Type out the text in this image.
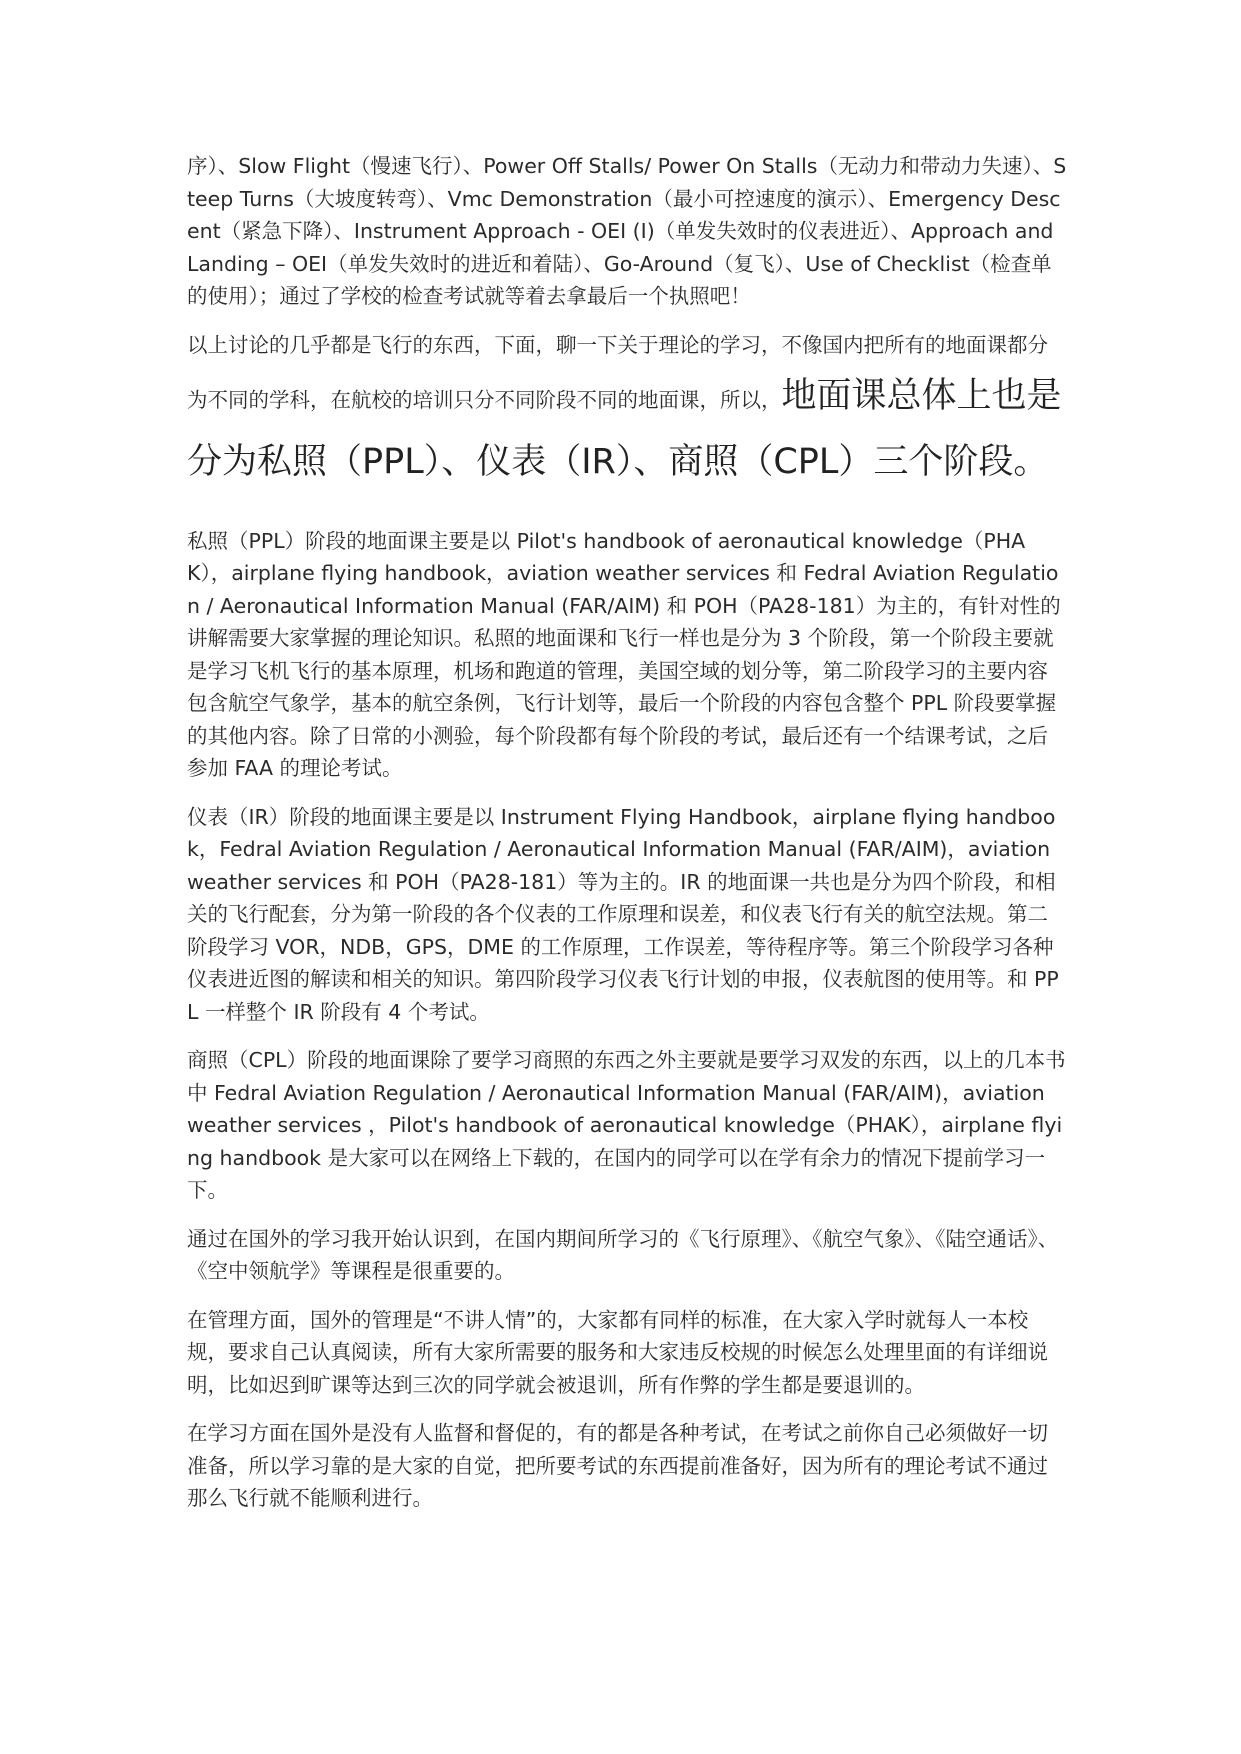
序）、Slow Flight（慢速飞行）、Power Off Stalls/ Power On Stalls（无动力和带动力失速）、Steep Turns（大坡度转弯）、Vmc Demonstration（最小可控速度的演示）、Emergency Descent（紧急下降）、Instrument Approach - OEI (I)（单发失效时的仪表进近）、Approach and Landing – OEI（单发失效时的进近和着陆）、Go-Around（复飞）、Use of Checklist（检查单的使用）；通过了学校的检查考试就等着去拿最后一个执照吧！

以上讨论的几乎都是飞行的东西，下面，聊一下关于理论的学习，不像国内把所有的地面课都分为不同的学科，在航校的培训只分不同阶段不同的地面课，所以，地面课总体上也是分为私照（PPL）、仪表（IR）、商照（CPL）三个阶段。

私照（PPL）阶段的地面课主要是以 Pilot's handbook of aeronautical knowledge（PHAK），airplane flying handbook，aviation weather services 和 Fedral Aviation Regulation / Aeronautical Information Manual (FAR/AIM) 和 POH（PA28-181）为主的，有针对性的讲解需要大家掌握的理论知识。私照的地面课和飞行一样也是分为 3 个阶段，第一个阶段主要就是学习飞机飞行的基本原理，机场和跑道的管理，美国空域的划分等，第二阶段学习的主要内容包含航空气象学，基本的航空条例，飞行计划等，最后一个阶段的内容包含整个 PPL 阶段要掌握的其他内容。除了日常的小测验，每个阶段都有每个阶段的考试，最后还有一个结课考试，之后参加 FAA 的理论考试。

仪表（IR）阶段的地面课主要是以 Instrument Flying Handbook，airplane flying handbook，Fedral Aviation Regulation / Aeronautical Information Manual (FAR/AIM)，aviation weather services 和 POH（PA28-181）等为主的。IR 的地面课一共也是分为四个阶段，和相关的飞行配套，分为第一阶段的各个仪表的工作原理和误差，和仪表飞行有关的航空法规。第二阶段学习 VOR，NDB，GPS，DME 的工作原理，工作误差，等待程序等。第三个阶段学习各种仪表进近图的解读和相关的知识。第四阶段学习仪表飞行计划的申报，仪表航图的使用等。和 PPL 一样整个 IR 阶段有 4 个考试。

商照（CPL）阶段的地面课除了要学习商照的东西之外主要就是要学习双发的东西，以上的几本书中 Fedral Aviation Regulation / Aeronautical Information Manual (FAR/AIM)，aviation weather services ，Pilot's handbook of aeronautical knowledge（PHAK），airplane flying handbook 是大家可以在网络上下载的，在国内的同学可以在学有余力的情况下提前学习一下。

通过在国外的学习我开始认识到，在国内期间所学习的《飞行原理》、《航空气象》、《陆空通话》、《空中领航学》等课程是很重要的。

在管理方面，国外的管理是“不讲人情”的，大家都有同样的标准，在大家入学时就每人一本校规，要求自己认真阅读，所有大家所需要的服务和大家违反校规的时候怎么处理里面的有详细说明，比如迟到旷课等达到三次的同学就会被退训，所有作弊的学生都是要退训的。

在学习方面在国外是没有人监督和督促的，有的都是各种考试，在考试之前你自己必须做好一切准备，所以学习靠的是大家的自觉，把所要考试的东西提前准备好，因为所有的理论考试不通过那么飞行就不能顺利进行。
